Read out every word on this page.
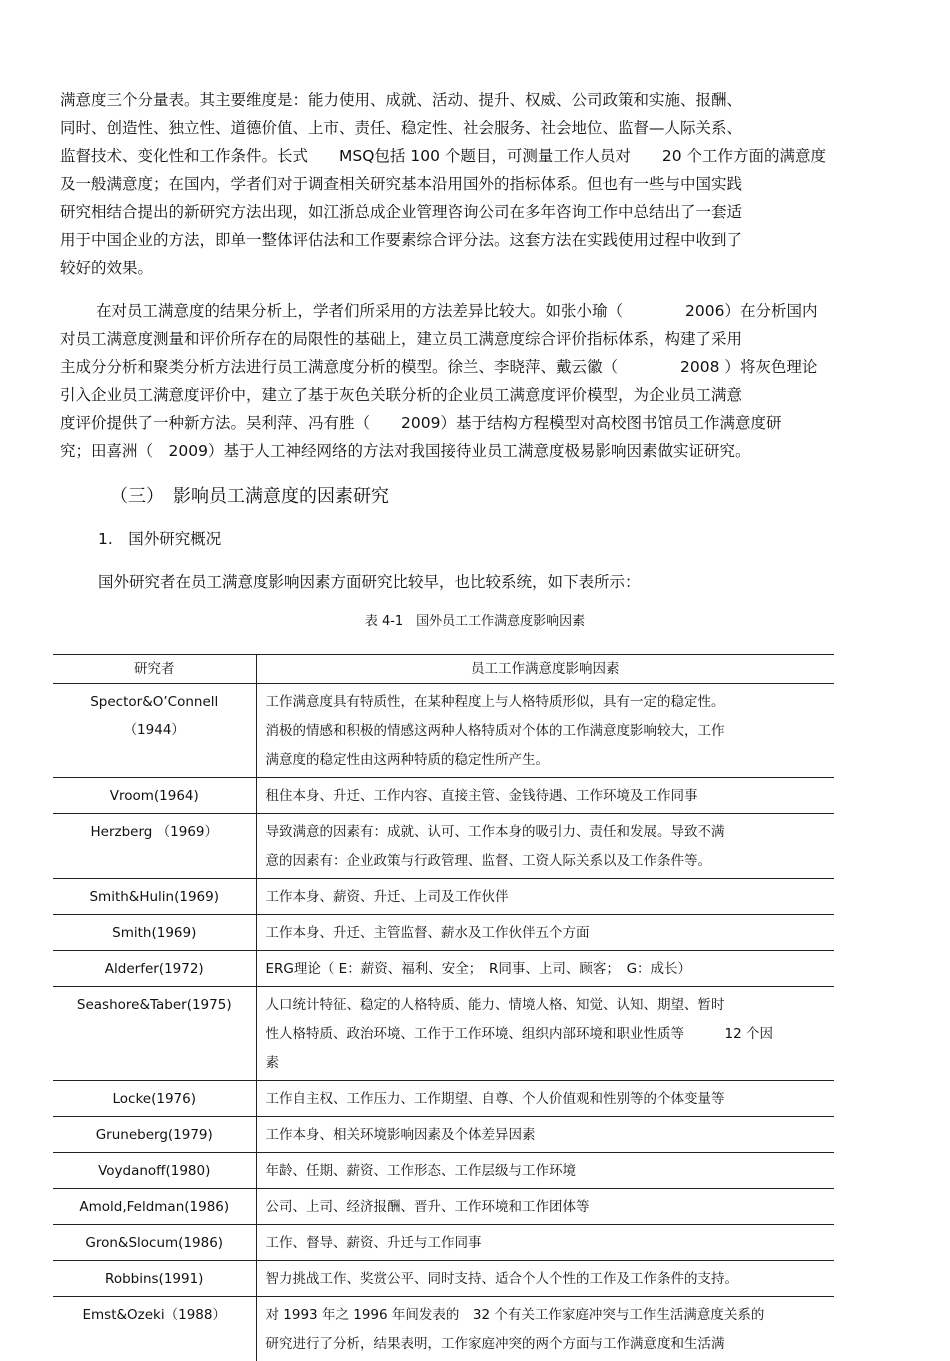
满意度三个分量表。其主要维度是：能力使用、成就、活动、提升、权威、公司政策和实施、报酬、
同时、创造性、独立性、道德价值、上市、责任、稳定性、社会服务、社会地位、监督—人际关系、
监督技术、变化性和工作条件。长式　　MSQ包括 100 个题目，可测量工作人员对　　20 个工作方面的满意度
及一般满意度；在国内，学者们对于调查相关研究基本沿用国外的指标体系。但也有一些与中国实践
研究相结合提出的新研究方法出现，如江浙总成企业管理咨询公司在多年咨询工作中总结出了一套适
用于中国企业的方法，即单一整体评估法和工作要素综合评分法。这套方法在实践使用过程中收到了
较好的效果。
在对员工满意度的结果分析上，学者们所采用的方法差异比较大。如张小瑜（　　　　2006）在分析国内
对员工满意度测量和评价所存在的局限性的基础上，建立员工满意度综合评价指标体系，构建了采用
主成分分析和聚类分析方法进行员工满意度分析的模型。徐兰、李晓萍、戴云徽（　　　　2008 ）将灰色理论
引入企业员工满意度评价中，建立了基于灰色关联分析的企业员工满意度评价模型，为企业员工满意
度评价提供了一种新方法。吴利萍、冯有胜（　　2009）基于结构方程模型对高校图书馆员工作满意度研
究；田喜洲（　2009）基于人工神经网络的方法对我国接待业员工满意度极易影响因素做实证研究。
（三）　影响员工满意度的因素研究
1.　国外研究概况
国外研究者在员工满意度影响因素方面研究比较早，也比较系统，如下表所示：
表 4-1　国外员工工作满意度影响因素
研究者	员工工作满意度影响因素

Spector&O’Connell
（1944）	工作满意度具有特质性，在某种程度上与人格特质形似，具有一定的稳定性。
消极的情感和积极的情感这两种人格特质对个体的工作满意度影响较大，工作
满意度的稳定性由这两种特质的稳定性所产生。

Vroom(1964)	租住本身、升迁、工作内容、直接主管、金钱待遇、工作环境及工作同事

Herzberg （1969）	导致满意的因素有：成就、认可、工作本身的吸引力、责任和发展。导致不满
意的因素有：企业政策与行政管理、监督、工资人际关系以及工作条件等。

Smith&Hulin(1969)	工作本身、薪资、升迁、上司及工作伙伴

Smith(1969)	工作本身、升迁、主管监督、薪水及工作伙伴五个方面

Alderfer(1972)	ERG理论（ E：薪资、福利、安全；　R同事、上司、顾客；　G：成长）

Seashore&Taber(1975)	人口统计特征、稳定的人格特质、能力、情境人格、知觉、认知、期望、暂时
性人格特质、政治环境、工作于工作环境、组织内部环境和职业性质等　　　12 个因
素

Locke(1976)	工作自主权、工作压力、工作期望、自尊、个人价值观和性别等的个体变量等

Gruneberg(1979)	工作本身、相关环境影响因素及个体差异因素

Voydanoff(1980)	年龄、任期、薪资、工作形态、工作层级与工作环境

Amold,Feldman(1986)	公司、上司、经济报酬、晋升、工作环境和工作团体等

Gron&Slocum(1986)	工作、督导、薪资、升迁与工作同事

Robbins(1991)	智力挑战工作、奖赏公平、同时支持、适合个人个性的工作及工作条件的支持。

Emst&Ozeki（1988）	对 1993 年之 1996 年间发表的　32 个有关工作家庭冲突与工作生活满意度关系的
研究进行了分析，结果表明，工作家庭冲突的两个方面与工作满意度和生活满
